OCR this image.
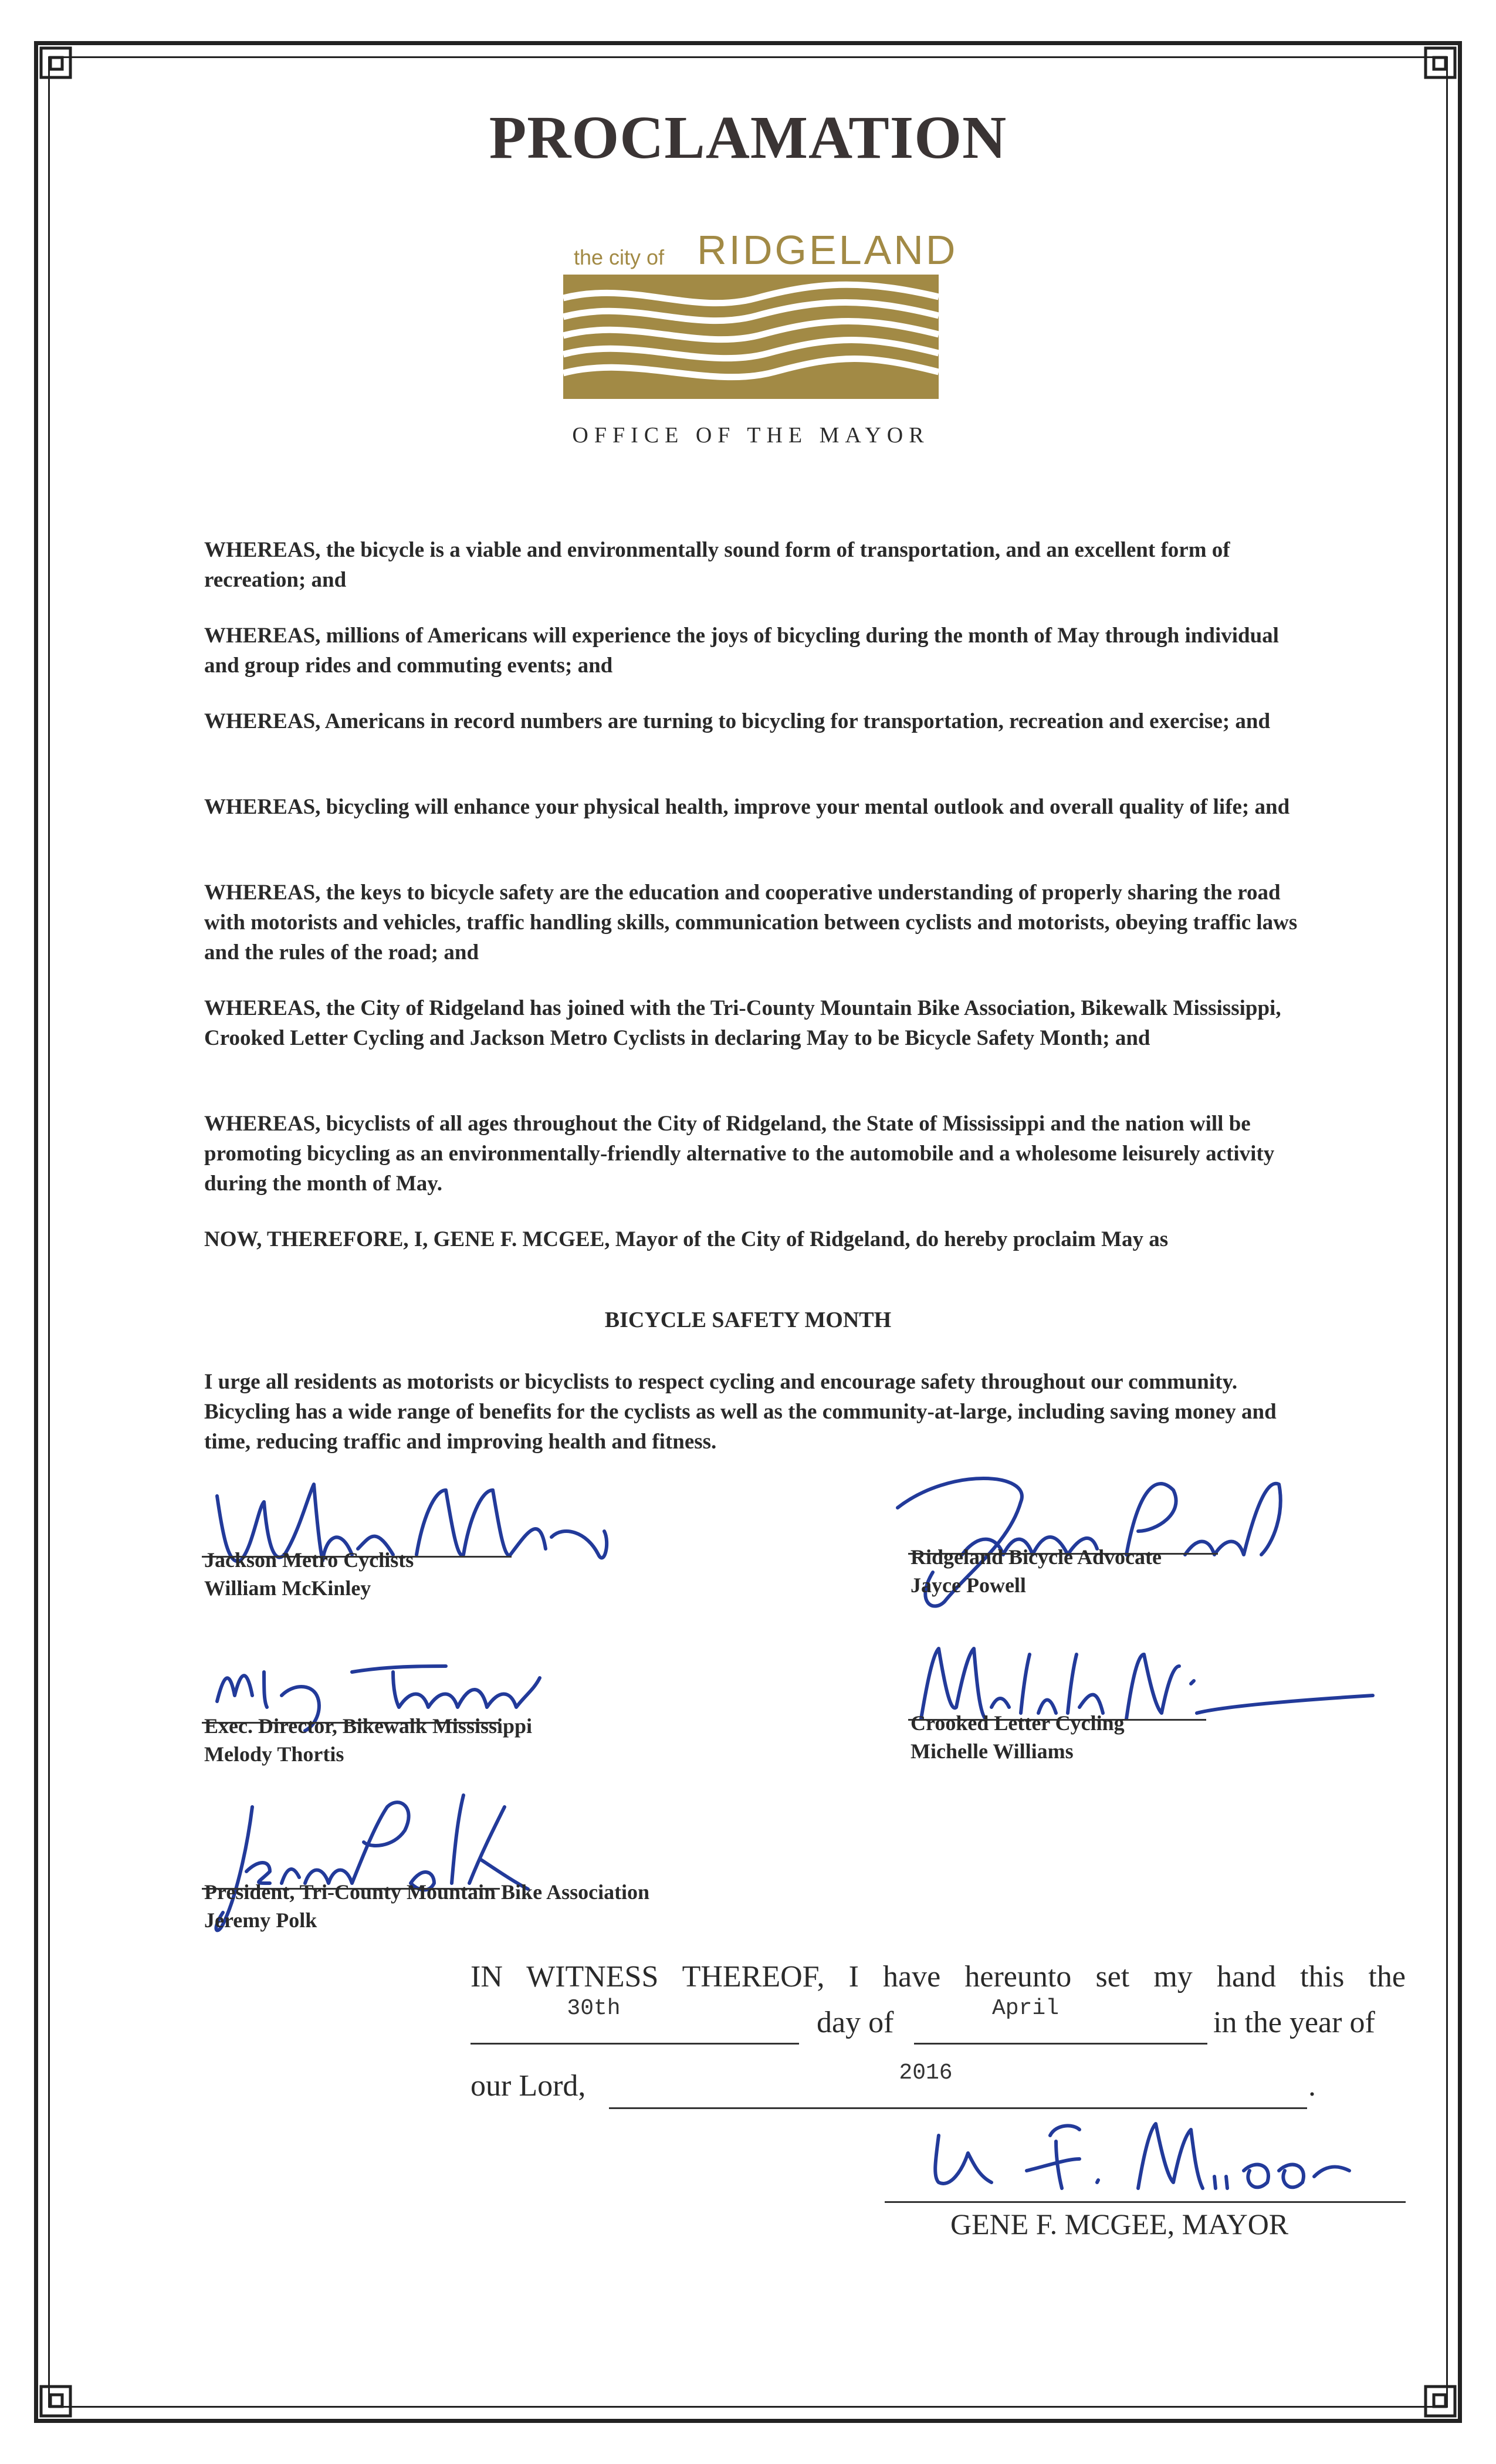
PROCLAMATION
the city of RIDGELAND
OFFICE OF THE MAYOR
WHEREAS, the bicycle is a viable and environmentally sound form of transportation, and an excellent form of recreation; and
WHEREAS, millions of Americans will experience the joys of bicycling during the month of May through individual and group rides and commuting events; and
WHEREAS, Americans in record numbers are turning to bicycling for transportation, recreation and exercise; and
WHEREAS, bicycling will enhance your physical health, improve your mental outlook and overall quality of life; and
WHEREAS, the keys to bicycle safety are the education and cooperative understanding of properly sharing the road with motorists and vehicles, traffic handling skills, communication between cyclists and motorists, obeying traffic laws and the rules of the road; and
WHEREAS, the City of Ridgeland has joined with the Tri-County Mountain Bike Association, Bikewalk Mississippi, Crooked Letter Cycling and Jackson Metro Cyclists in declaring May to be Bicycle Safety Month; and
WHEREAS, bicyclists of all ages throughout the City of Ridgeland, the State of Mississippi and the nation will be promoting bicycling as an environmentally-friendly alternative to the automobile and a wholesome leisurely activity during the month of May.
NOW, THEREFORE, I, GENE F. MCGEE, Mayor of the City of Ridgeland, do hereby proclaim May as
BICYCLE SAFETY MONTH
I urge all residents as motorists or bicyclists to respect cycling and encourage safety throughout our community. Bicycling has a wide range of benefits for the cyclists as well as the community-at-large, including saving money and time, reducing traffic and improving health and fitness.
Jackson Metro Cyclists
William McKinley
Ridgeland Bicycle Advocate
Jayce Powell
Exec. Director, Bikewalk Mississippi
Melody Thortis
Crooked Letter Cycling
Michelle Williams
President, Tri-County Mountain Bike Association
Jeremy Polk
IN WITNESS THEREOF, I have hereunto set my hand this the
30th	day of	April	in the year of
our Lord,	2016	.
GENE F. MCGEE, MAYOR
